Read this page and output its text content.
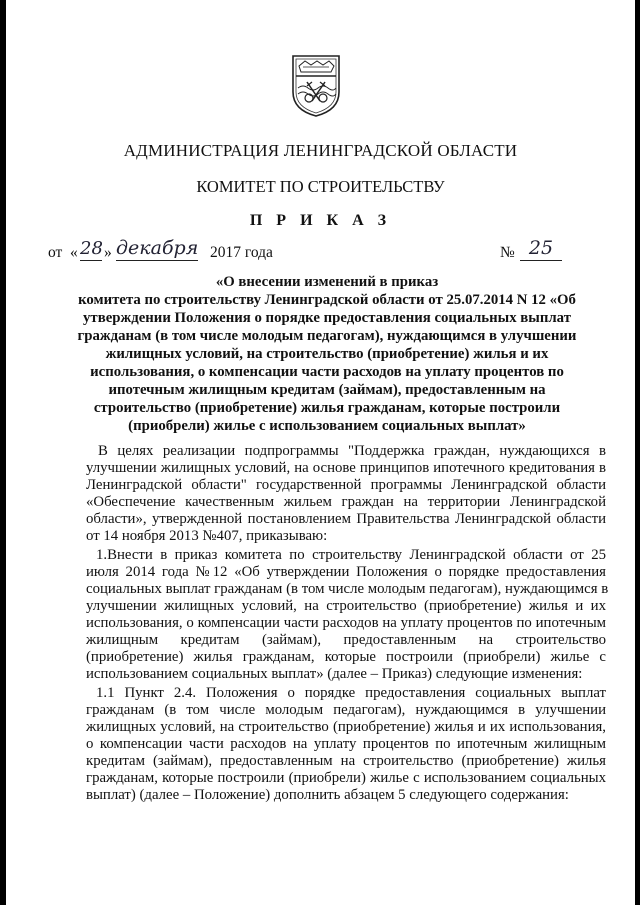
АДМИНИСТРАЦИЯ ЛЕНИНГРАДСКОЙ ОБЛАСТИ
КОМИТЕТ ПО СТРОИТЕЛЬСТВУ
П Р И К А З
от « 28 » декабря 2017 года	№ 25
«О внесении изменений в приказ
комитета по строительству Ленинградской области от 25.07.2014 N 12 «Об
утверждении Положения о порядке предоставления социальных выплат
гражданам (в том числе молодым педагогам), нуждающимся в улучшении
жилищных условий, на строительство (приобретение) жилья и их
использования, о компенсации части расходов на уплату процентов по
ипотечным жилищным кредитам (займам), предоставленным на
строительство (приобретение) жилья гражданам, которые построили
(приобрели) жилье с использованием социальных выплат»
В целях реализации подпрограммы "Поддержка граждан, нуждающихся в
улучшении жилищных условий, на основе принципов ипотечного кредитования в
Ленинградской области" государственной программы Ленинградской области
«Обеспечение качественным жильем граждан на территории Ленинградской
области», утвержденной постановлением Правительства Ленинградской области
от 14 ноября 2013 №407, приказываю:
1.Внести в приказ комитета по строительству Ленинградской области от 25
июля 2014 года №12 «Об утверждении Положения о порядке предоставления
социальных выплат гражданам (в том числе молодым педагогам), нуждающимся в
улучшении жилищных условий, на строительство (приобретение) жилья и их
использования, о компенсации части расходов на уплату процентов по ипотечным
жилищным кредитам (займам), предоставленным на строительство
(приобретение) жилья гражданам, которые построили (приобрели) жилье с
использованием социальных выплат» (далее – Приказ) следующие изменения:
1.1 Пункт 2.4. Положения о порядке предоставления социальных выплат
гражданам (в том числе молодым педагогам), нуждающимся в улучшении
жилищных условий, на строительство (приобретение) жилья и их использования,
о компенсации части расходов на уплату процентов по ипотечным жилищным
кредитам (займам), предоставленным на строительство (приобретение) жилья
гражданам, которые построили (приобрели) жилье с использованием социальных
выплат) (далее – Положение) дополнить абзацем 5 следующего содержания:
